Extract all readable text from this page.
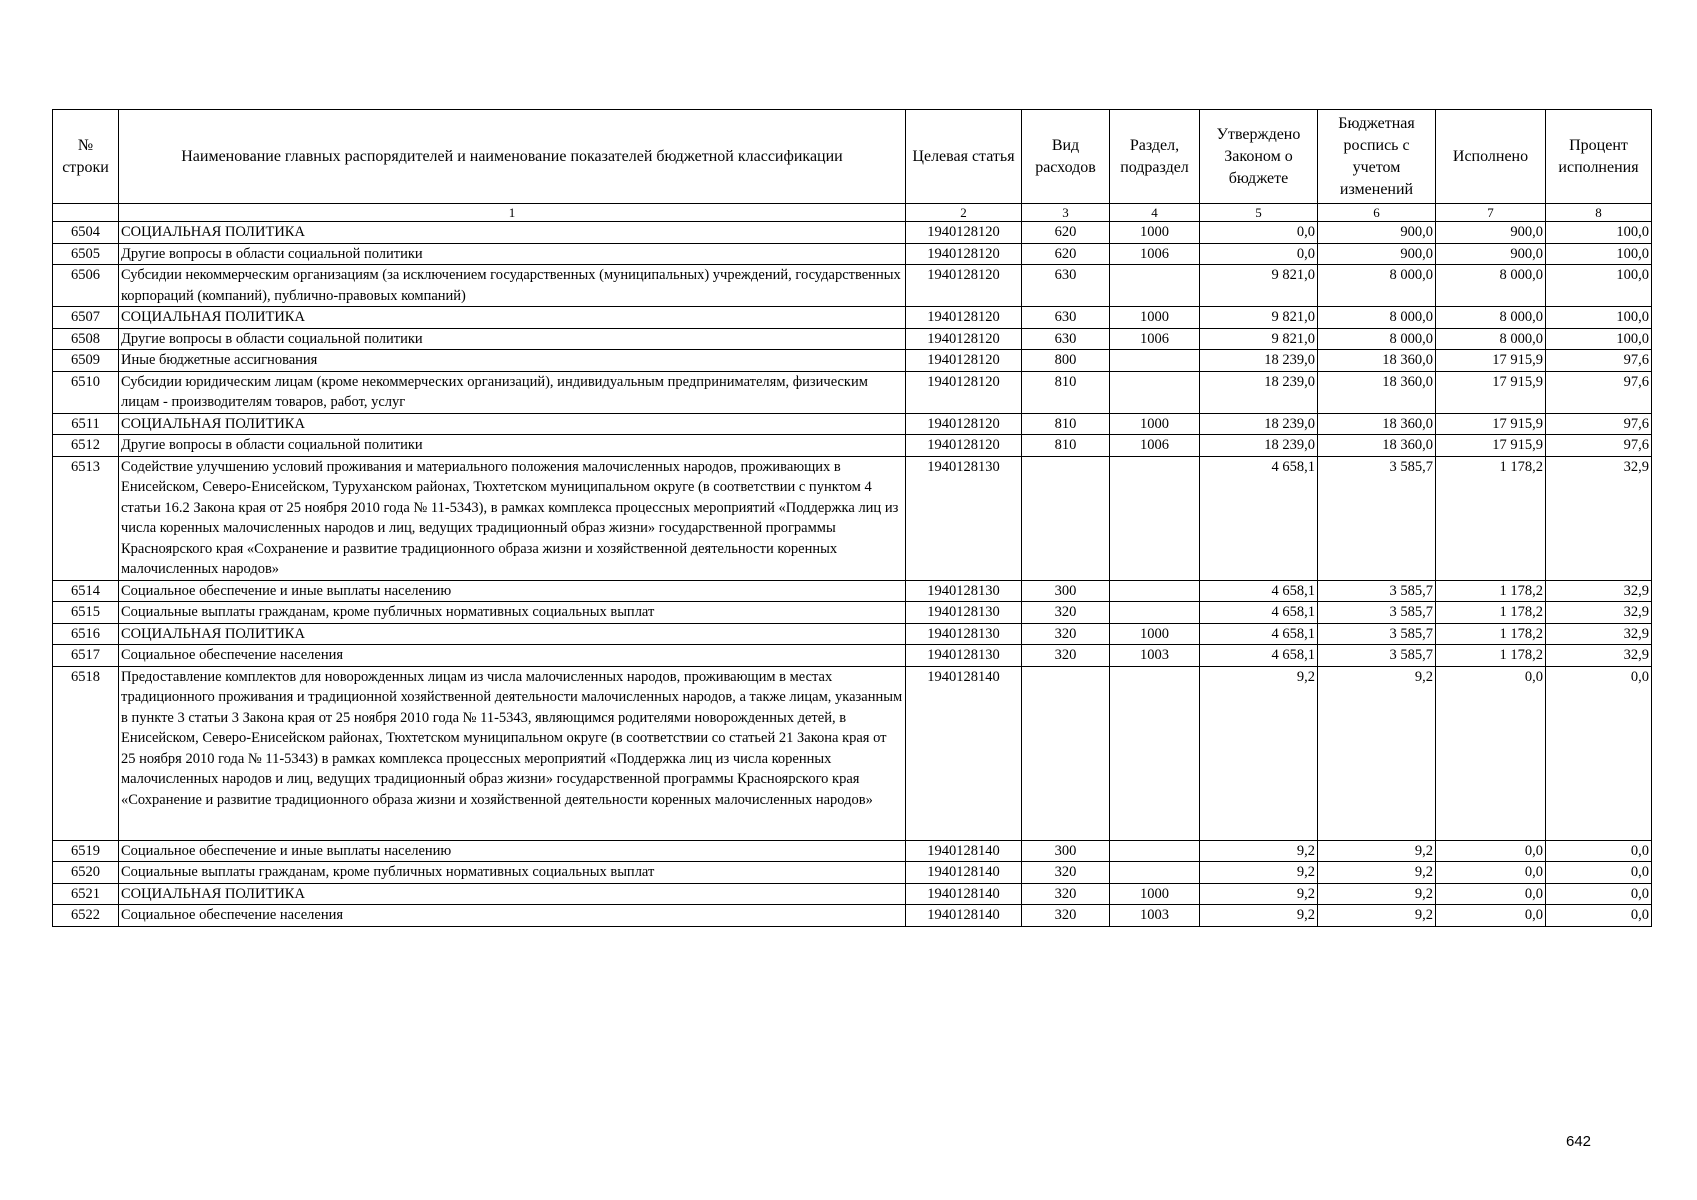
№ строки	Наименование главных распорядителей и наименование показателей бюджетной классификации	Целевая статья	Вид расходов	Раздел, подраздел	Утверждено Законом о бюджете	Бюджетная роспись с учетом изменений	Исполнено	Процент исполнения
	1	2	3	4	5	6	7	8
6504	СОЦИАЛЬНАЯ ПОЛИТИКА	1940128120	620	1000	0,0	900,0	900,0	100,0
6505	Другие вопросы в области социальной политики	1940128120	620	1006	0,0	900,0	900,0	100,0
6506	Субсидии некоммерческим организациям (за исключением государственных (муниципальных) учреждений, государственных корпораций (компаний), публично-правовых компаний)	1940128120	630		9 821,0	8 000,0	8 000,0	100,0
6507	СОЦИАЛЬНАЯ ПОЛИТИКА	1940128120	630	1000	9 821,0	8 000,0	8 000,0	100,0
6508	Другие вопросы в области социальной политики	1940128120	630	1006	9 821,0	8 000,0	8 000,0	100,0
6509	Иные бюджетные ассигнования	1940128120	800		18 239,0	18 360,0	17 915,9	97,6
6510	Субсидии юридическим лицам (кроме некоммерческих организаций), индивидуальным предпринимателям, физическим лицам - производителям товаров, работ, услуг	1940128120	810		18 239,0	18 360,0	17 915,9	97,6
6511	СОЦИАЛЬНАЯ ПОЛИТИКА	1940128120	810	1000	18 239,0	18 360,0	17 915,9	97,6
6512	Другие вопросы в области социальной политики	1940128120	810	1006	18 239,0	18 360,0	17 915,9	97,6
6513	Содействие улучшению условий проживания и материального положения малочисленных народов, проживающих в Енисейском, Северо-Енисейском, Туруханском районах, Тюхтетском муниципальном округе (в соответствии с пунктом 4 статьи 16.2 Закона края от 25 ноября 2010 года № 11-5343), в рамках комплекса процессных мероприятий «Поддержка лиц из числа коренных малочисленных народов и лиц, ведущих традиционный образ жизни» государственной программы Красноярского края «Сохранение и развитие традиционного образа жизни и хозяйственной деятельности коренных малочисленных народов»	1940128130			4 658,1	3 585,7	1 178,2	32,9
6514	Социальное обеспечение и иные выплаты населению	1940128130	300		4 658,1	3 585,7	1 178,2	32,9
6515	Социальные выплаты гражданам, кроме публичных нормативных социальных выплат	1940128130	320		4 658,1	3 585,7	1 178,2	32,9
6516	СОЦИАЛЬНАЯ ПОЛИТИКА	1940128130	320	1000	4 658,1	3 585,7	1 178,2	32,9
6517	Социальное обеспечение населения	1940128130	320	1003	4 658,1	3 585,7	1 178,2	32,9
6518	Предоставление комплектов для новорожденных лицам из числа малочисленных народов, проживающим в местах традиционного проживания и традиционной хозяйственной деятельности малочисленных народов, а также лицам, указанным в пункте 3 статьи 3 Закона края от 25 ноября 2010 года № 11-5343, являющимся родителями новорожденных детей, в Енисейском, Северо-Енисейском районах, Тюхтетском муниципальном округе (в соответствии со статьей 21 Закона края от 25 ноября 2010 года № 11-5343) в рамках комплекса процессных мероприятий «Поддержка лиц из числа коренных малочисленных народов и лиц, ведущих традиционный образ жизни» государственной программы Красноярского края «Сохранение и развитие традиционного образа жизни и хозяйственной деятельности коренных малочисленных народов»	1940128140			9,2	9,2	0,0	0,0
6519	Социальное обеспечение и иные выплаты населению	1940128140	300		9,2	9,2	0,0	0,0
6520	Социальные выплаты гражданам, кроме публичных нормативных социальных выплат	1940128140	320		9,2	9,2	0,0	0,0
6521	СОЦИАЛЬНАЯ ПОЛИТИКА	1940128140	320	1000	9,2	9,2	0,0	0,0
6522	Социальное обеспечение населения	1940128140	320	1003	9,2	9,2	0,0	0,0
642
